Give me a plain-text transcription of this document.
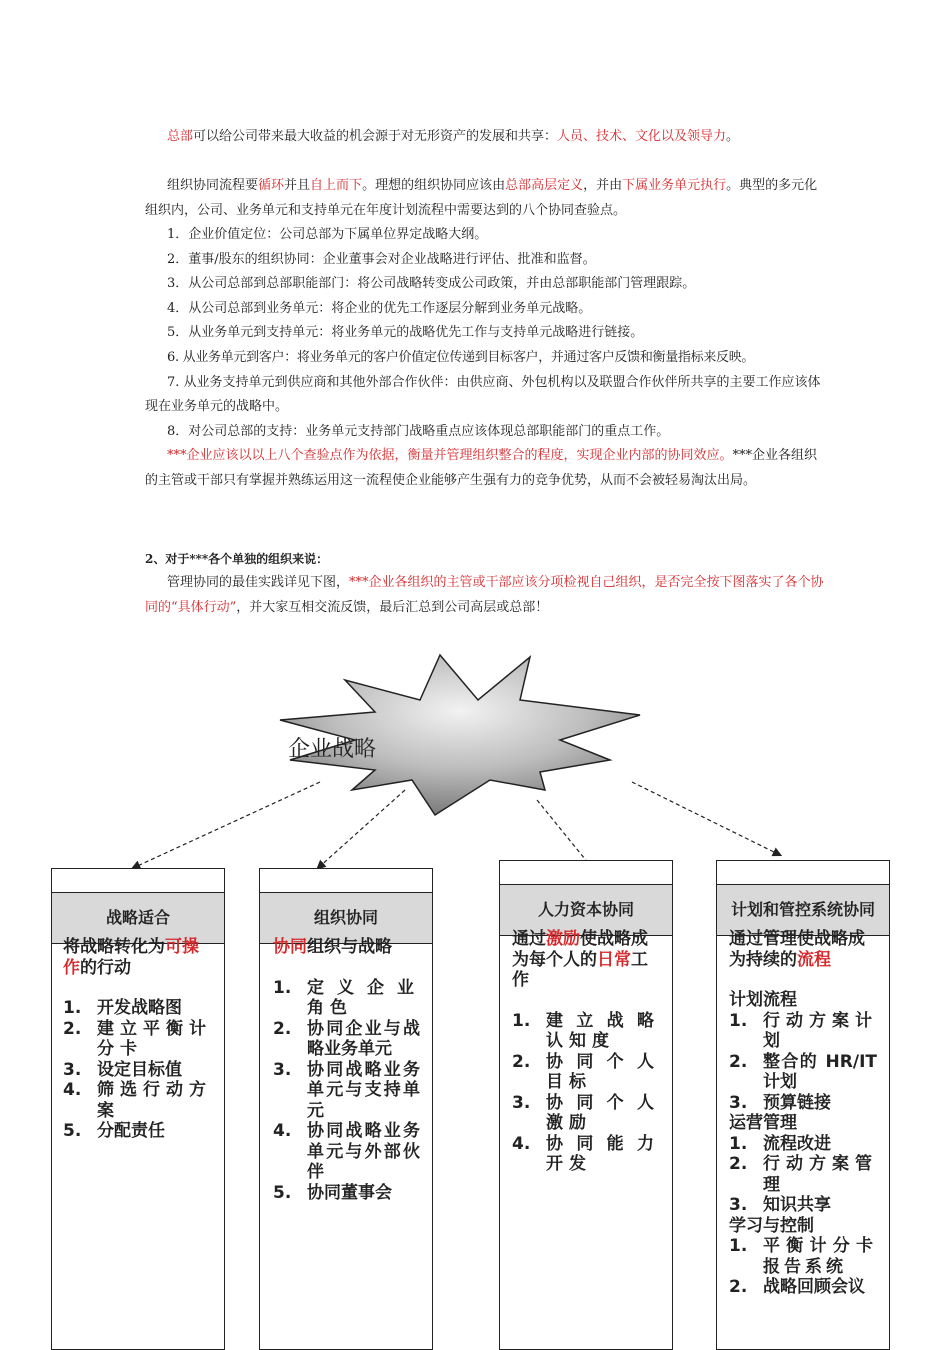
总部可以给公司带来最大收益的机会源于对无形资产的发展和共享：人员、技术、文化以及领导力。
组织协同流程要循环并且自上而下。理想的组织协同应该由总部高层定义，并由下属业务单元执行。典型的多元化组织内，公司、业务单元和支持单元在年度计划流程中需要达到的八个协同查验点。
1．企业价值定位：公司总部为下属单位界定战略大纲。
2．董事/股东的组织协同：企业董事会对企业战略进行评估、批准和监督。
3．从公司总部到总部职能部门：将公司战略转变成公司政策，并由总部职能部门管理跟踪。
4．从公司总部到业务单元：将企业的优先工作逐层分解到业务单元战略。
5．从业务单元到支持单元：将业务单元的战略优先工作与支持单元战略进行链接。
6. 从业务单元到客户：将业务单元的客户价值定位传递到目标客户，并通过客户反馈和衡量指标来反映。
7. 从业务支持单元到供应商和其他外部合作伙伴：由供应商、外包机构以及联盟合作伙伴所共享的主要工作应该体现在业务单元的战略中。
8．对公司总部的支持：业务单元支持部门战略重点应该体现总部职能部门的重点工作。
***企业应该以以上八个查验点作为依据，衡量并管理组织整合的程度，实现企业内部的协同效应。***企业各组织的主管或干部只有掌握并熟练运用这一流程使企业能够产生强有力的竞争优势，从而不会被轻易淘汰出局。
2、对于***各个单独的组织来说：
管理协同的最佳实践详见下图，***企业各组织的主管或干部应该分项检视自己组织，是否完全按下图落实了各个协同的“具体行动”，并大家互相交流反馈，最后汇总到公司高层或总部！
企业战略
战略适合
将战略转化为可操作的行动
1. 开发战略图
2. 建立平衡计分卡
3. 设定目标值
4. 筛选行动方案
5. 分配责任
组织协同
协同组织与战略
1. 定义企业角色
2. 协同企业与战略业务单元
3. 协同战略业务单元与支持单元
4. 协同战略业务单元与外部伙伴
5. 协同董事会
人力资本协同
通过激励使战略成为每个人的日常工作
1. 建立战略认知度
2. 协同个人目标
3. 协同个人激励
4. 协同能力开发
计划和管控系统协同
通过管理使战略成为持续的流程
计划流程
1. 行动方案计划
2. 整合的 HR/IT 计划
3. 预算链接
运营管理
1. 流程改进
2. 行动方案管理
3. 知识共享
学习与控制
1. 平衡计分卡报告系统
2. 战略回顾会议
